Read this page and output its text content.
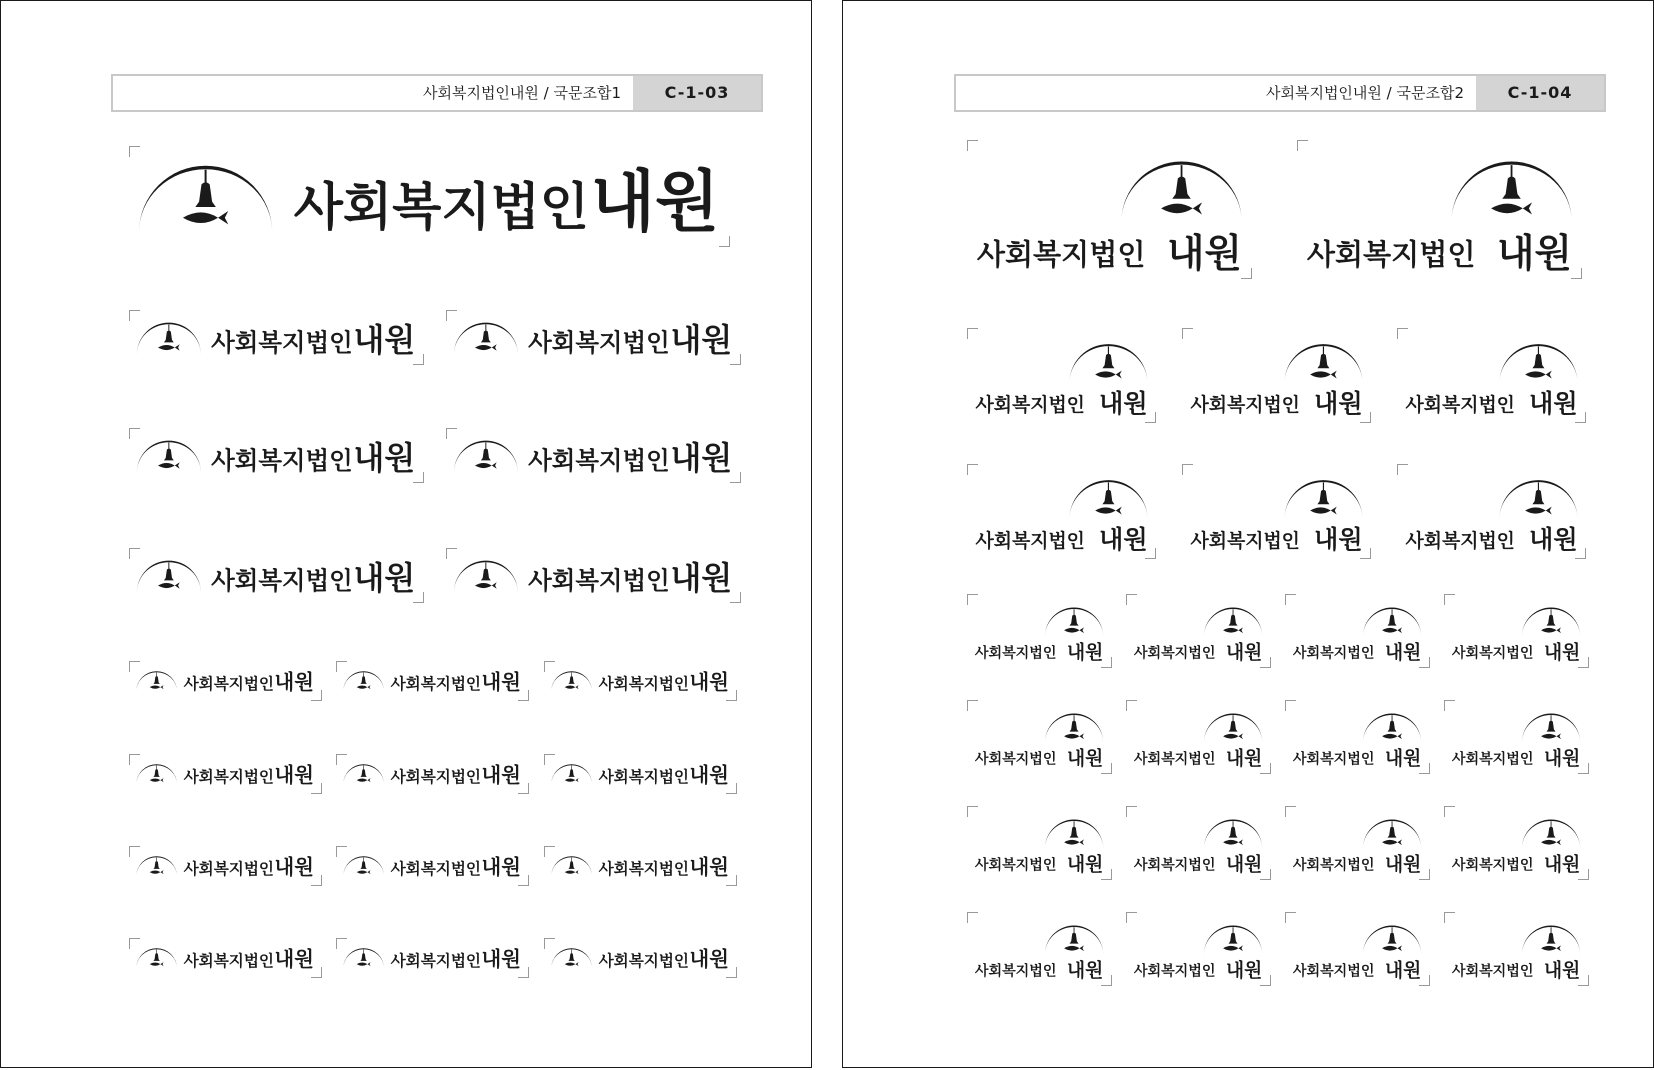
사회복지법인내원 / 국문조합1	C-1-03	사회복지법인내원 / 국문조합2	C-1-04
사회복지법인 내원
사회복지법인 내원 사회복지법인 내원
사회복지법인 내원 사회복지법인 내원
사회복지법인 내원 사회복지법인 내원
사회복지법인 내원 사회복지법인 내원 사회복지법인 내원
사회복지법인 내원 사회복지법인 내원 사회복지법인 내원
사회복지법인 내원 사회복지법인 내원 사회복지법인 내원
사회복지법인 내원 사회복지법인 내원 사회복지법인 내원
사회복지법인 내원 사회복지법인 내원
사회복지법인 내원 사회복지법인 내원 사회복지법인 내원
사회복지법인 내원 사회복지법인 내원 사회복지법인 내원
사회복지법인 내원 사회복지법인 내원 사회복지법인 내원 사회복지법인 내원
사회복지법인 내원 사회복지법인 내원 사회복지법인 내원 사회복지법인 내원
사회복지법인 내원 사회복지법인 내원 사회복지법인 내원 사회복지법인 내원
사회복지법인 내원 사회복지법인 내원 사회복지법인 내원 사회복지법인 내원
